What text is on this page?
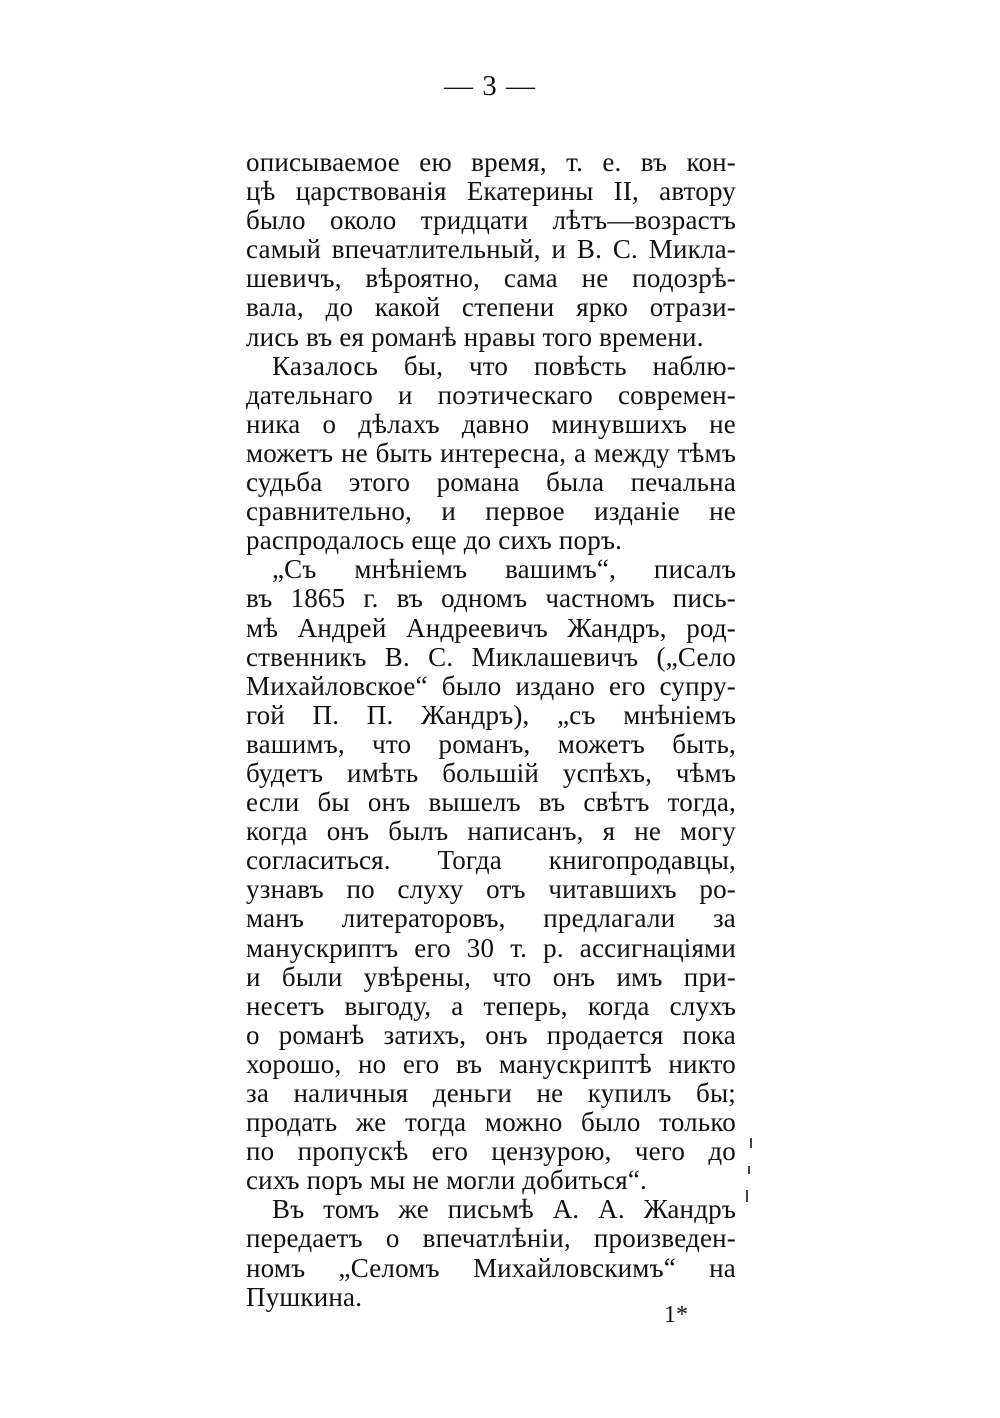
— 3 —
описываемое ею время, т. е. въ кон-
цѣ царствованія Екатерины II, автору
было около тридцати лѣтъ—возрастъ
самый впечатлительный, и В. С. Микла-
шевичъ, вѣроятно, сама не подозрѣ-
вала, до какой степени ярко отрази-
лись въ ея романѣ нравы того времени.
Казалось бы, что повѣсть наблю-
дательнаго и поэтическаго современ-
ника о дѣлахъ давно минувшихъ не
можетъ не быть интересна, а между тѣмъ
судьба этого романа была печальна
сравнительно, и первое изданіе не
распродалось еще до сихъ поръ.
„Съ мнѣніемъ вашимъ“, писалъ
въ 1865 г. въ одномъ частномъ пись-
мѣ Андрей Андреевичъ Жандръ, род-
ственникъ В. С. Миклашевичъ („Село
Михайловское“ было издано его супру-
гой П. П. Жандръ), „съ мнѣніемъ
вашимъ, что романъ, можетъ быть,
будетъ имѣть большій успѣхъ, чѣмъ
если бы онъ вышелъ въ свѣтъ тогда,
когда онъ былъ написанъ, я не могу
согласиться. Тогда книгопродавцы,
узнавъ по слуху отъ читавшихъ ро-
манъ литераторовъ, предлагали за
манускриптъ его 30 т. р. ассигнаціями
и были увѣрены, что онъ имъ при-
несетъ выгоду, а теперь, когда слухъ
о романѣ затихъ, онъ продается пока
хорошо, но его въ манускриптѣ никто
за наличныя деньги не купилъ бы;
продать же тогда можно было только
по пропускѣ его цензурою, чего до
сихъ поръ мы не могли добиться“.
Въ томъ же письмѣ А. А. Жандръ
передаетъ о впечатлѣніи, произведен-
номъ „Селомъ Михайловскимъ“ на
Пушкина.
1*
